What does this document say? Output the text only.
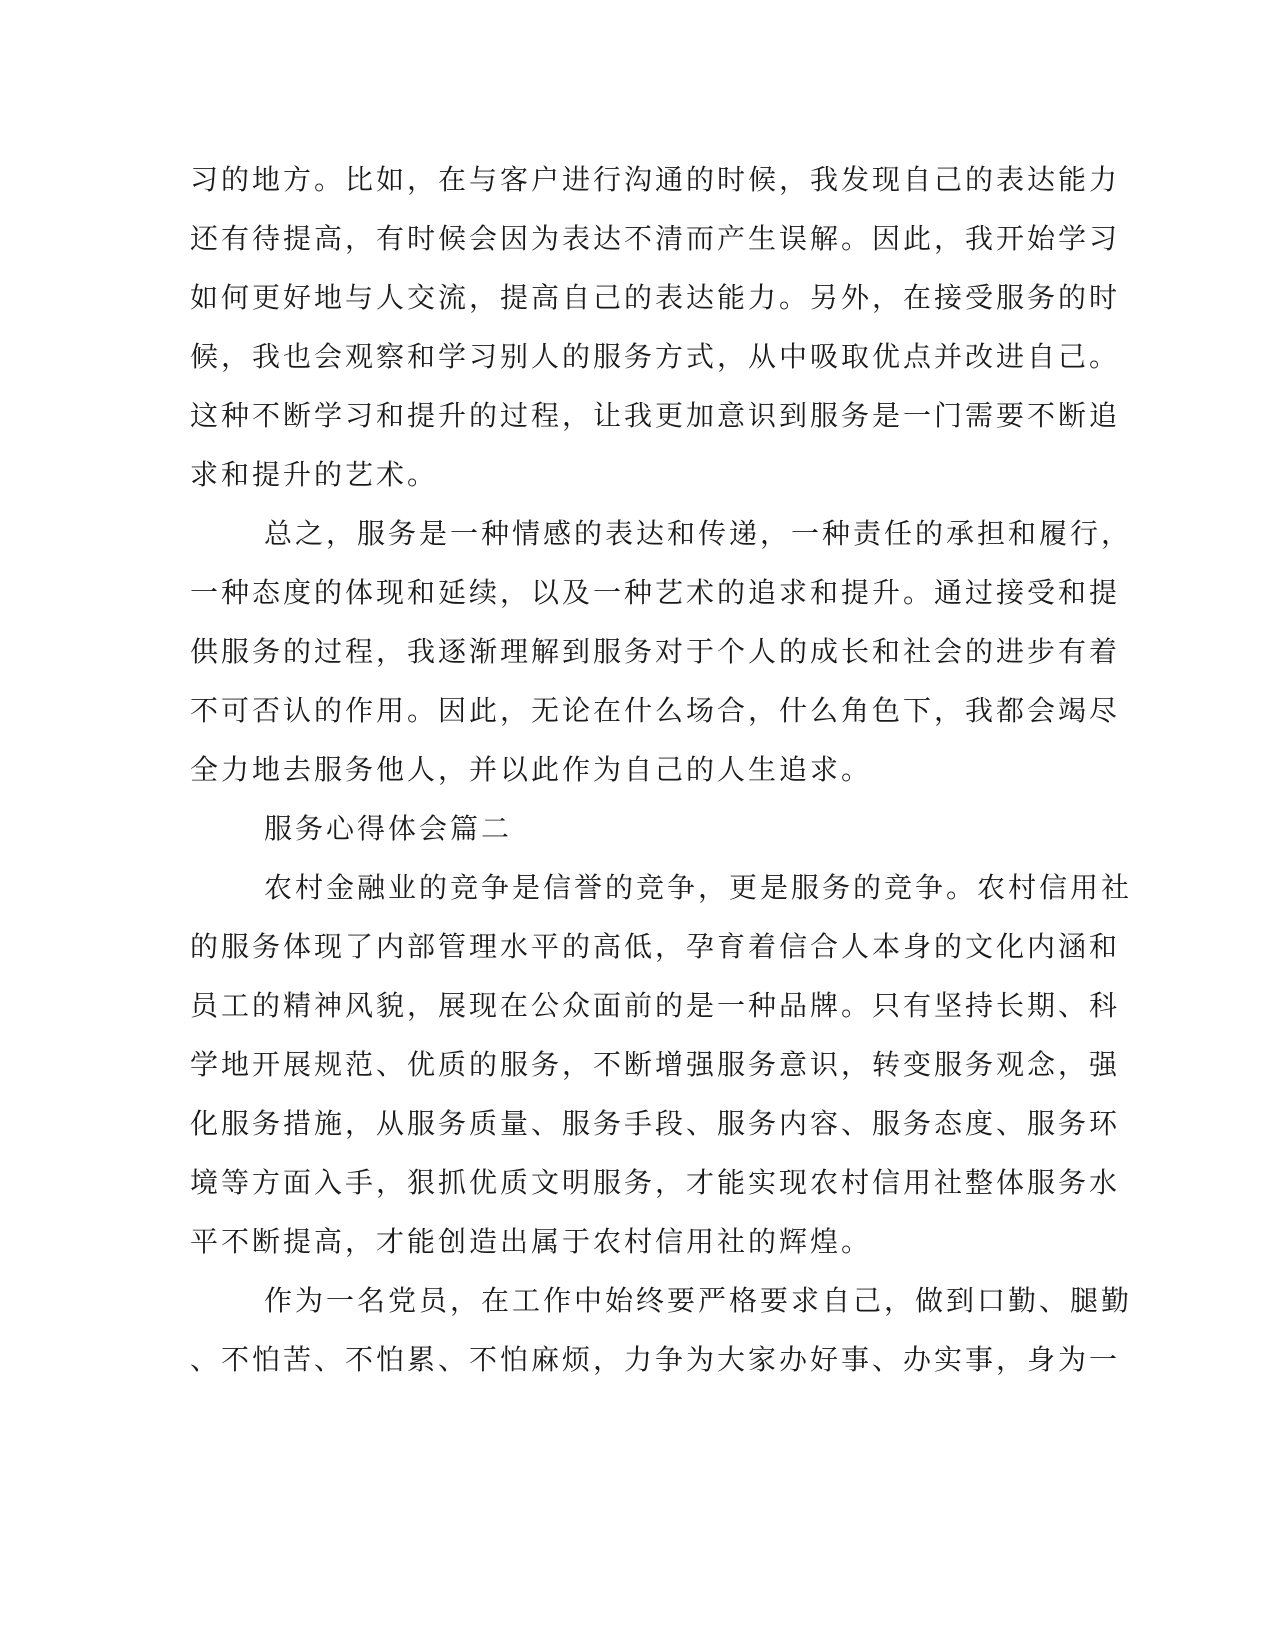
习的地方。比如，在与客户进行沟通的时候，我发现自己的表达能力
还有待提高，有时候会因为表达不清而产生误解。因此，我开始学习
如何更好地与人交流，提高自己的表达能力。另外，在接受服务的时
候，我也会观察和学习别人的服务方式，从中吸取优点并改进自己。
这种不断学习和提升的过程，让我更加意识到服务是一门需要不断追
求和提升的艺术。
总之，服务是一种情感的表达和传递，一种责任的承担和履行，
一种态度的体现和延续，以及一种艺术的追求和提升。通过接受和提
供服务的过程，我逐渐理解到服务对于个人的成长和社会的进步有着
不可否认的作用。因此，无论在什么场合，什么角色下，我都会竭尽
全力地去服务他人，并以此作为自己的人生追求。
服务心得体会篇二
农村金融业的竞争是信誉的竞争，更是服务的竞争。农村信用社
的服务体现了内部管理水平的高低，孕育着信合人本身的文化内涵和
员工的精神风貌，展现在公众面前的是一种品牌。只有坚持长期、科
学地开展规范、优质的服务，不断增强服务意识，转变服务观念，强
化服务措施，从服务质量、服务手段、服务内容、服务态度、服务环
境等方面入手，狠抓优质文明服务，才能实现农村信用社整体服务水
平不断提高，才能创造出属于农村信用社的辉煌。
作为一名党员，在工作中始终要严格要求自己，做到口勤、腿勤
、不怕苦、不怕累、不怕麻烦，力争为大家办好事、办实事，身为一
